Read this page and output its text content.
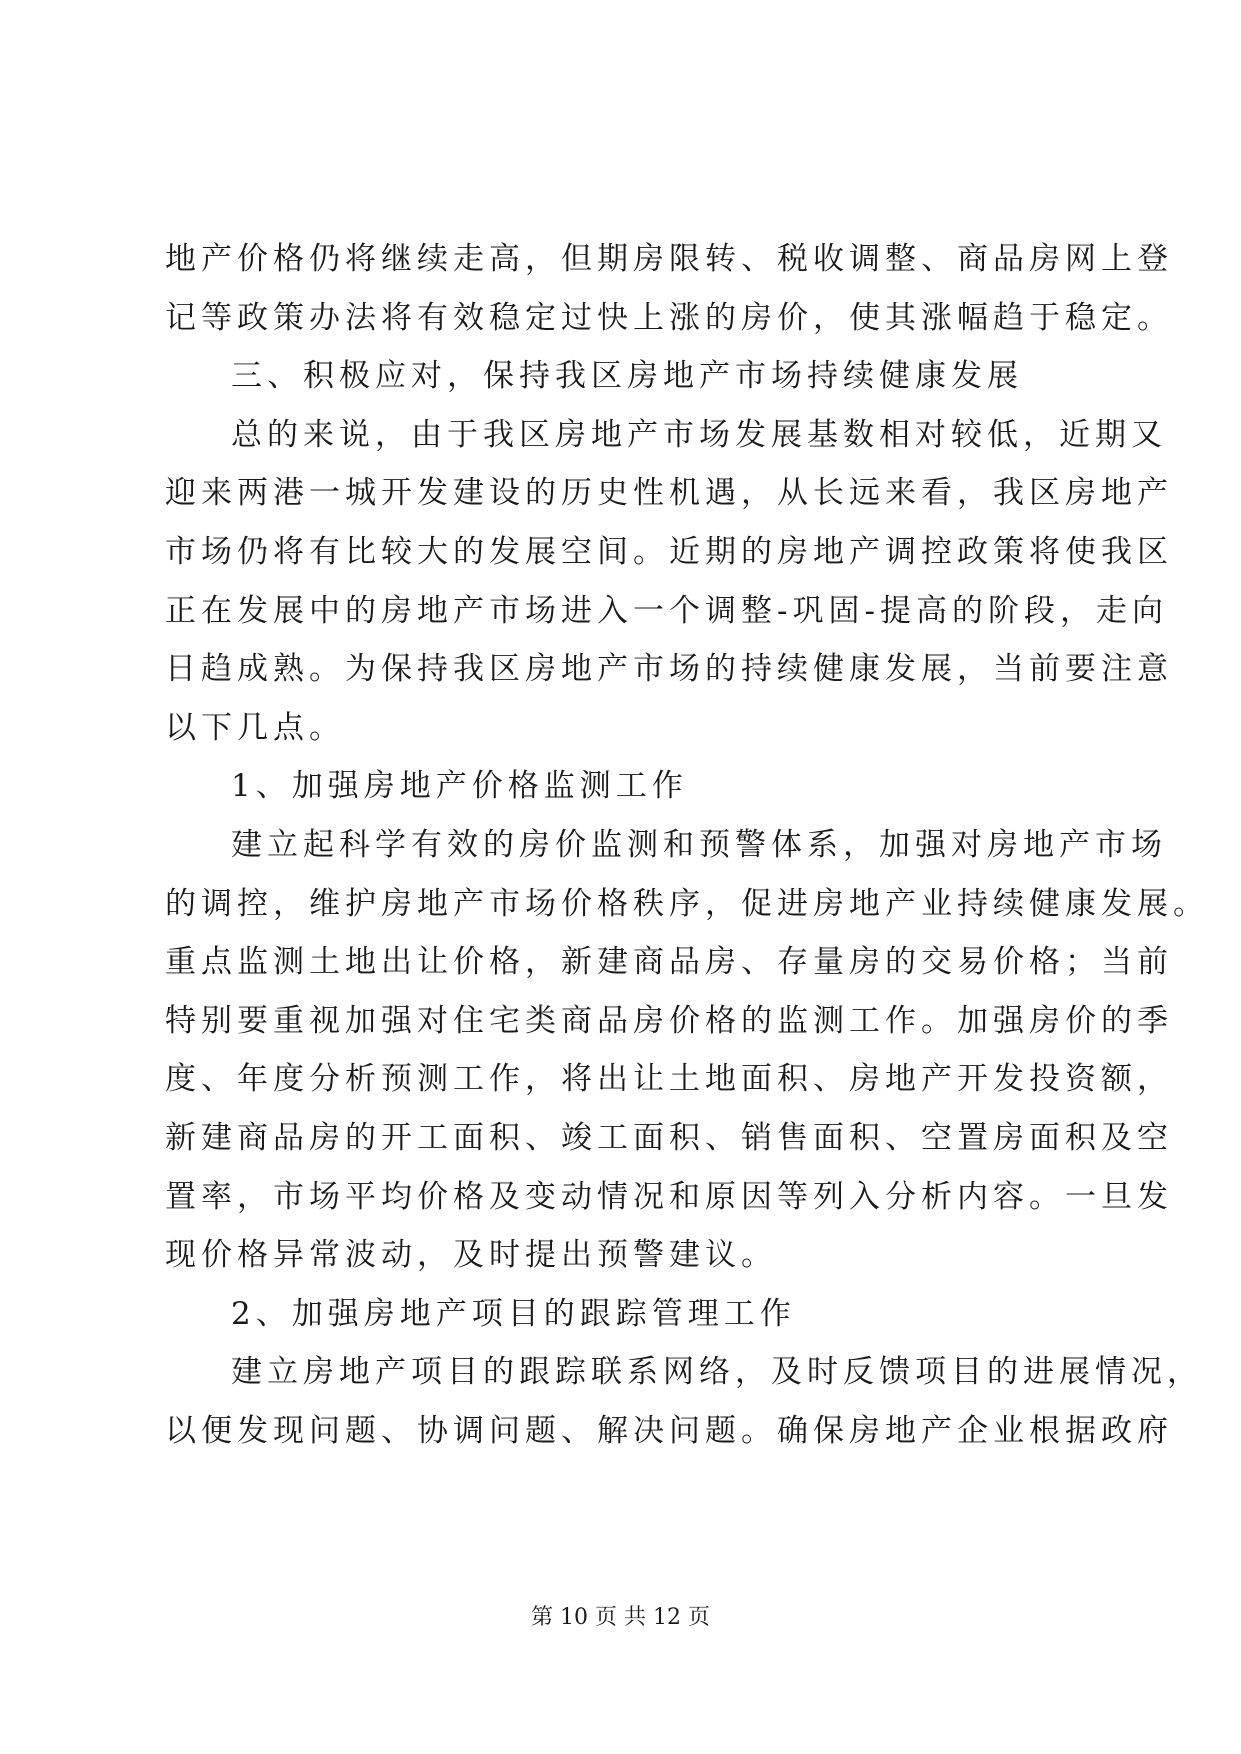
地产价格仍将继续走高，但期房限转、税收调整、商品房网上登
记等政策办法将有效稳定过快上涨的房价，使其涨幅趋于稳定。
三、积极应对，保持我区房地产市场持续健康发展
总的来说，由于我区房地产市场发展基数相对较低，近期又
迎来两港一城开发建设的历史性机遇，从长远来看，我区房地产
市场仍将有比较大的发展空间。近期的房地产调控政策将使我区
正在发展中的房地产市场进入一个调整-巩固-提高的阶段，走向
日趋成熟。为保持我区房地产市场的持续健康发展，当前要注意
以下几点。
1、加强房地产价格监测工作
建立起科学有效的房价监测和预警体系，加强对房地产市场
的调控，维护房地产市场价格秩序，促进房地产业持续健康发展。
重点监测土地出让价格，新建商品房、存量房的交易价格；当前
特别要重视加强对住宅类商品房价格的监测工作。加强房价的季
度、年度分析预测工作，将出让土地面积、房地产开发投资额，
新建商品房的开工面积、竣工面积、销售面积、空置房面积及空
置率，市场平均价格及变动情况和原因等列入分析内容。一旦发
现价格异常波动，及时提出预警建议。
2、加强房地产项目的跟踪管理工作
建立房地产项目的跟踪联系网络，及时反馈项目的进展情况，
以便发现问题、协调问题、解决问题。确保房地产企业根据政府
第 10 页 共 12 页
